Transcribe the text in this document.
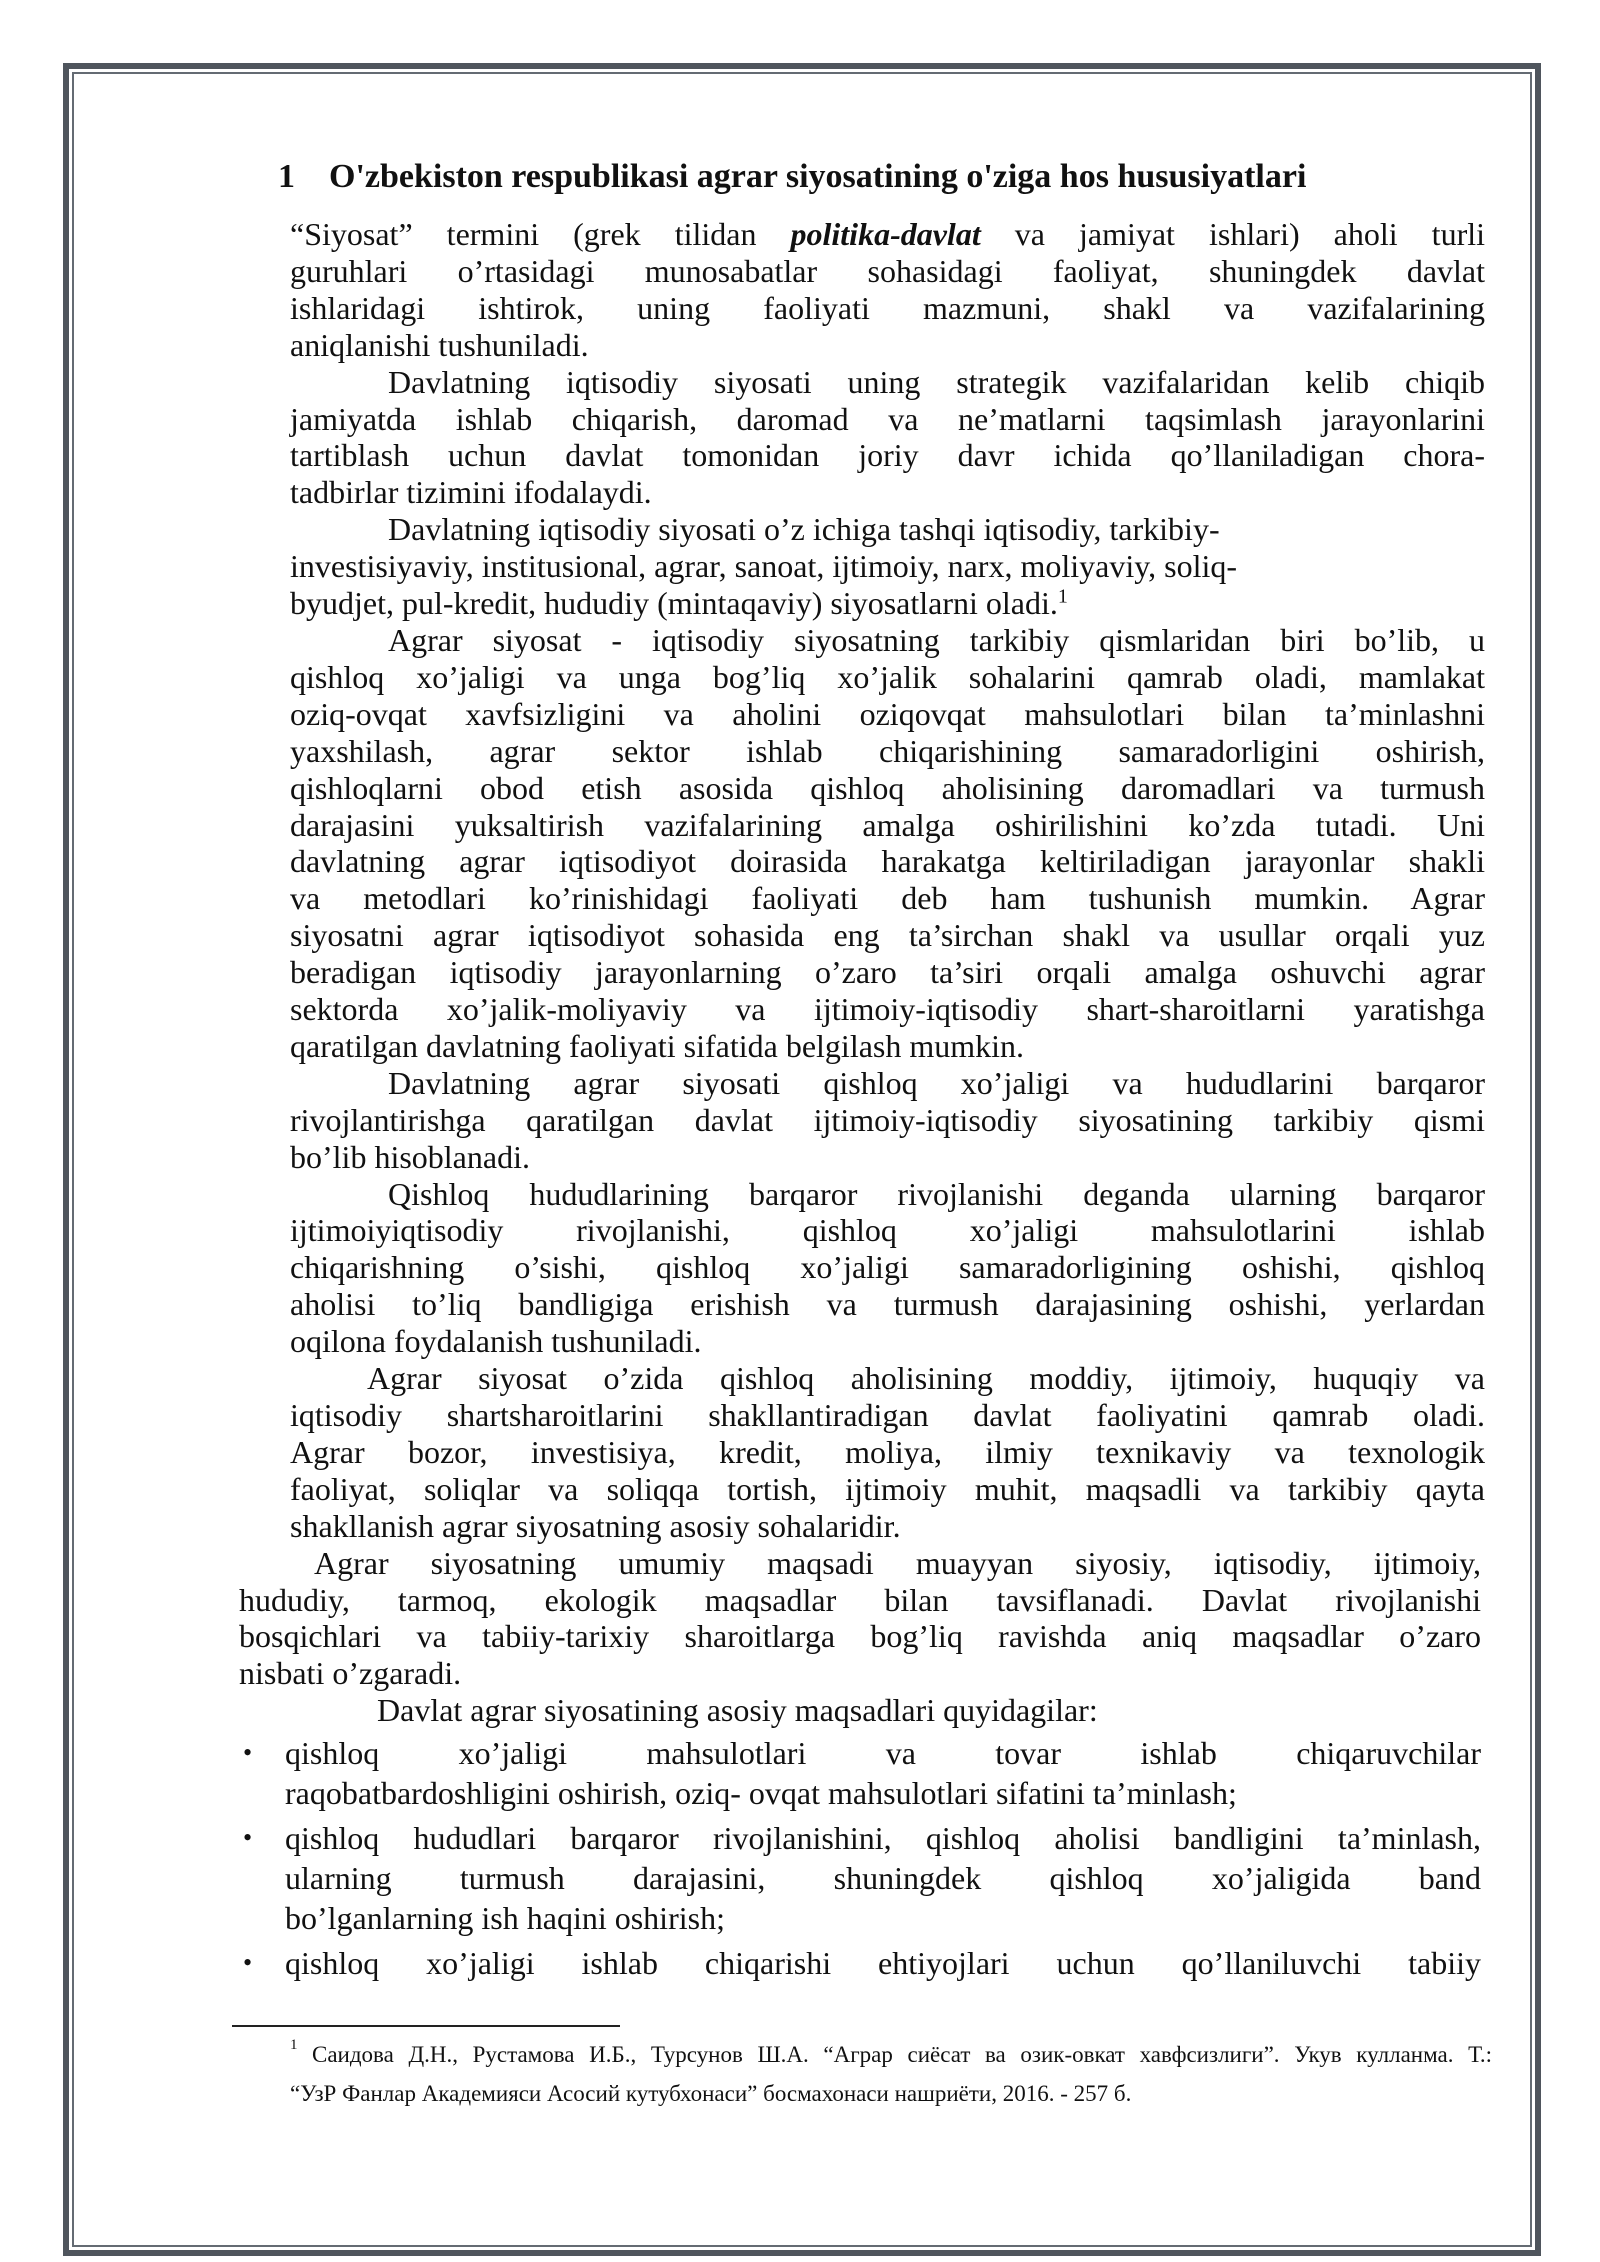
1 O'zbekiston respublikasi agrar siyosatining o'ziga hos hususiyatlari
“Siyosat” termini (grek tilidan politika-davlat va jamiyat ishlari) aholi turli
guruhlari o’rtasidagi munosabatlar sohasidagi faoliyat, shuningdek davlat
ishlaridagi ishtirok, uning faoliyati mazmuni, shakl va vazifalarining
aniqlanishi tushuniladi.
Davlatning iqtisodiy siyosati uning strategik vazifalaridan kelib chiqib
jamiyatda ishlab chiqarish, daromad va ne’matlarni taqsimlash jarayonlarini
tartiblash uchun davlat tomonidan joriy davr ichida qo’llaniladigan chora-
tadbirlar tizimini ifodalaydi.
Davlatning iqtisodiy siyosati o’z ichiga tashqi iqtisodiy, tarkibiy-
investisiyaviy, institusional, agrar, sanoat, ijtimoiy, narx, moliyaviy, soliq-
byudjet, pul-kredit, hududiy (mintaqaviy) siyosatlarni oladi.$^1$
Agrar siyosat - iqtisodiy siyosatning tarkibiy qismlaridan biri bo’lib, u
qishloq xo’jaligi va unga bog’liq xo’jalik sohalarini qamrab oladi, mamlakat
oziq-ovqat xavfsizligini va aholini oziqovqat mahsulotlari bilan ta’minlashni
yaxshilash, agrar sektor ishlab chiqarishining samaradorligini oshirish,
qishloqlarni obod etish asosida qishloq aholisining daromadlari va turmush
darajasini yuksaltirish vazifalarining amalga oshirilishini ko’zda tutadi. Uni
davlatning agrar iqtisodiyot doirasida harakatga keltiriladigan jarayonlar shakli
va metodlari ko’rinishidagi faoliyati deb ham tushunish mumkin. Agrar
siyosatni agrar iqtisodiyot sohasida eng ta’sirchan shakl va usullar orqali yuz
beradigan iqtisodiy jarayonlarning o’zaro ta’siri orqali amalga oshuvchi agrar
sektorda xo’jalik-moliyaviy va ijtimoiy-iqtisodiy shart-sharoitlarni yaratishga
qaratilgan davlatning faoliyati sifatida belgilash mumkin.
Davlatning agrar siyosati qishloq xo’jaligi va hududlarini barqaror
rivojlantirishga qaratilgan davlat ijtimoiy-iqtisodiy siyosatining tarkibiy qismi
bo’lib hisoblanadi.
Qishloq hududlarining barqaror rivojlanishi deganda ularning barqaror
ijtimoiyiqtisodiy rivojlanishi, qishloq xo’jaligi mahsulotlarini ishlab
chiqarishning o’sishi, qishloq xo’jaligi samaradorligining oshishi, qishloq
aholisi to’liq bandligiga erishish va turmush darajasining oshishi, yerlardan
oqilona foydalanish tushuniladi.
Agrar siyosat o’zida qishloq aholisining moddiy, ijtimoiy, huquqiy va
iqtisodiy shartsharoitlarini shakllantiradigan davlat faoliyatini qamrab oladi.
Agrar bozor, investisiya, kredit, moliya, ilmiy texnikaviy va texnologik
faoliyat, soliqlar va soliqqa tortish, ijtimoiy muhit, maqsadli va tarkibiy qayta
shakllanish agrar siyosatning asosiy sohalaridir.
Agrar siyosatning umumiy maqsadi muayyan siyosiy, iqtisodiy, ijtimoiy,
hududiy, tarmoq, ekologik maqsadlar bilan tavsiflanadi. Davlat rivojlanishi
bosqichlari va tabiiy-tarixiy sharoitlarga bog’liq ravishda aniq maqsadlar o’zaro
nisbati o’zgaradi.
Davlat agrar siyosatining asosiy maqsadlari quyidagilar:
• qishloq xo’jaligi mahsulotlari va tovar ishlab chiqaruvchilar
raqobatbardoshligini oshirish, oziq- ovqat mahsulotlari sifatini ta’minlash;
• qishloq hududlari barqaror rivojlanishini, qishloq aholisi bandligini ta’minlash,
ularning turmush darajasini, shuningdek qishloq xo’jaligida band
bo’lganlarning ish haqini oshirish;
• qishloq xo’jaligi ishlab chiqarishi ehtiyojlari uchun qo’llaniluvchi tabiiy
1 Саидова Д.Н., Рустамова И.Б., Турсунов Ш.А. “Аграр сиёсат ва озик-овкат хавфсизлиги”. Укув кулланма. Т.:
“УзР Фанлар Академияси Асосий кутубхонаси” босмахонаси нашриёти, 2016. - 257 б.
